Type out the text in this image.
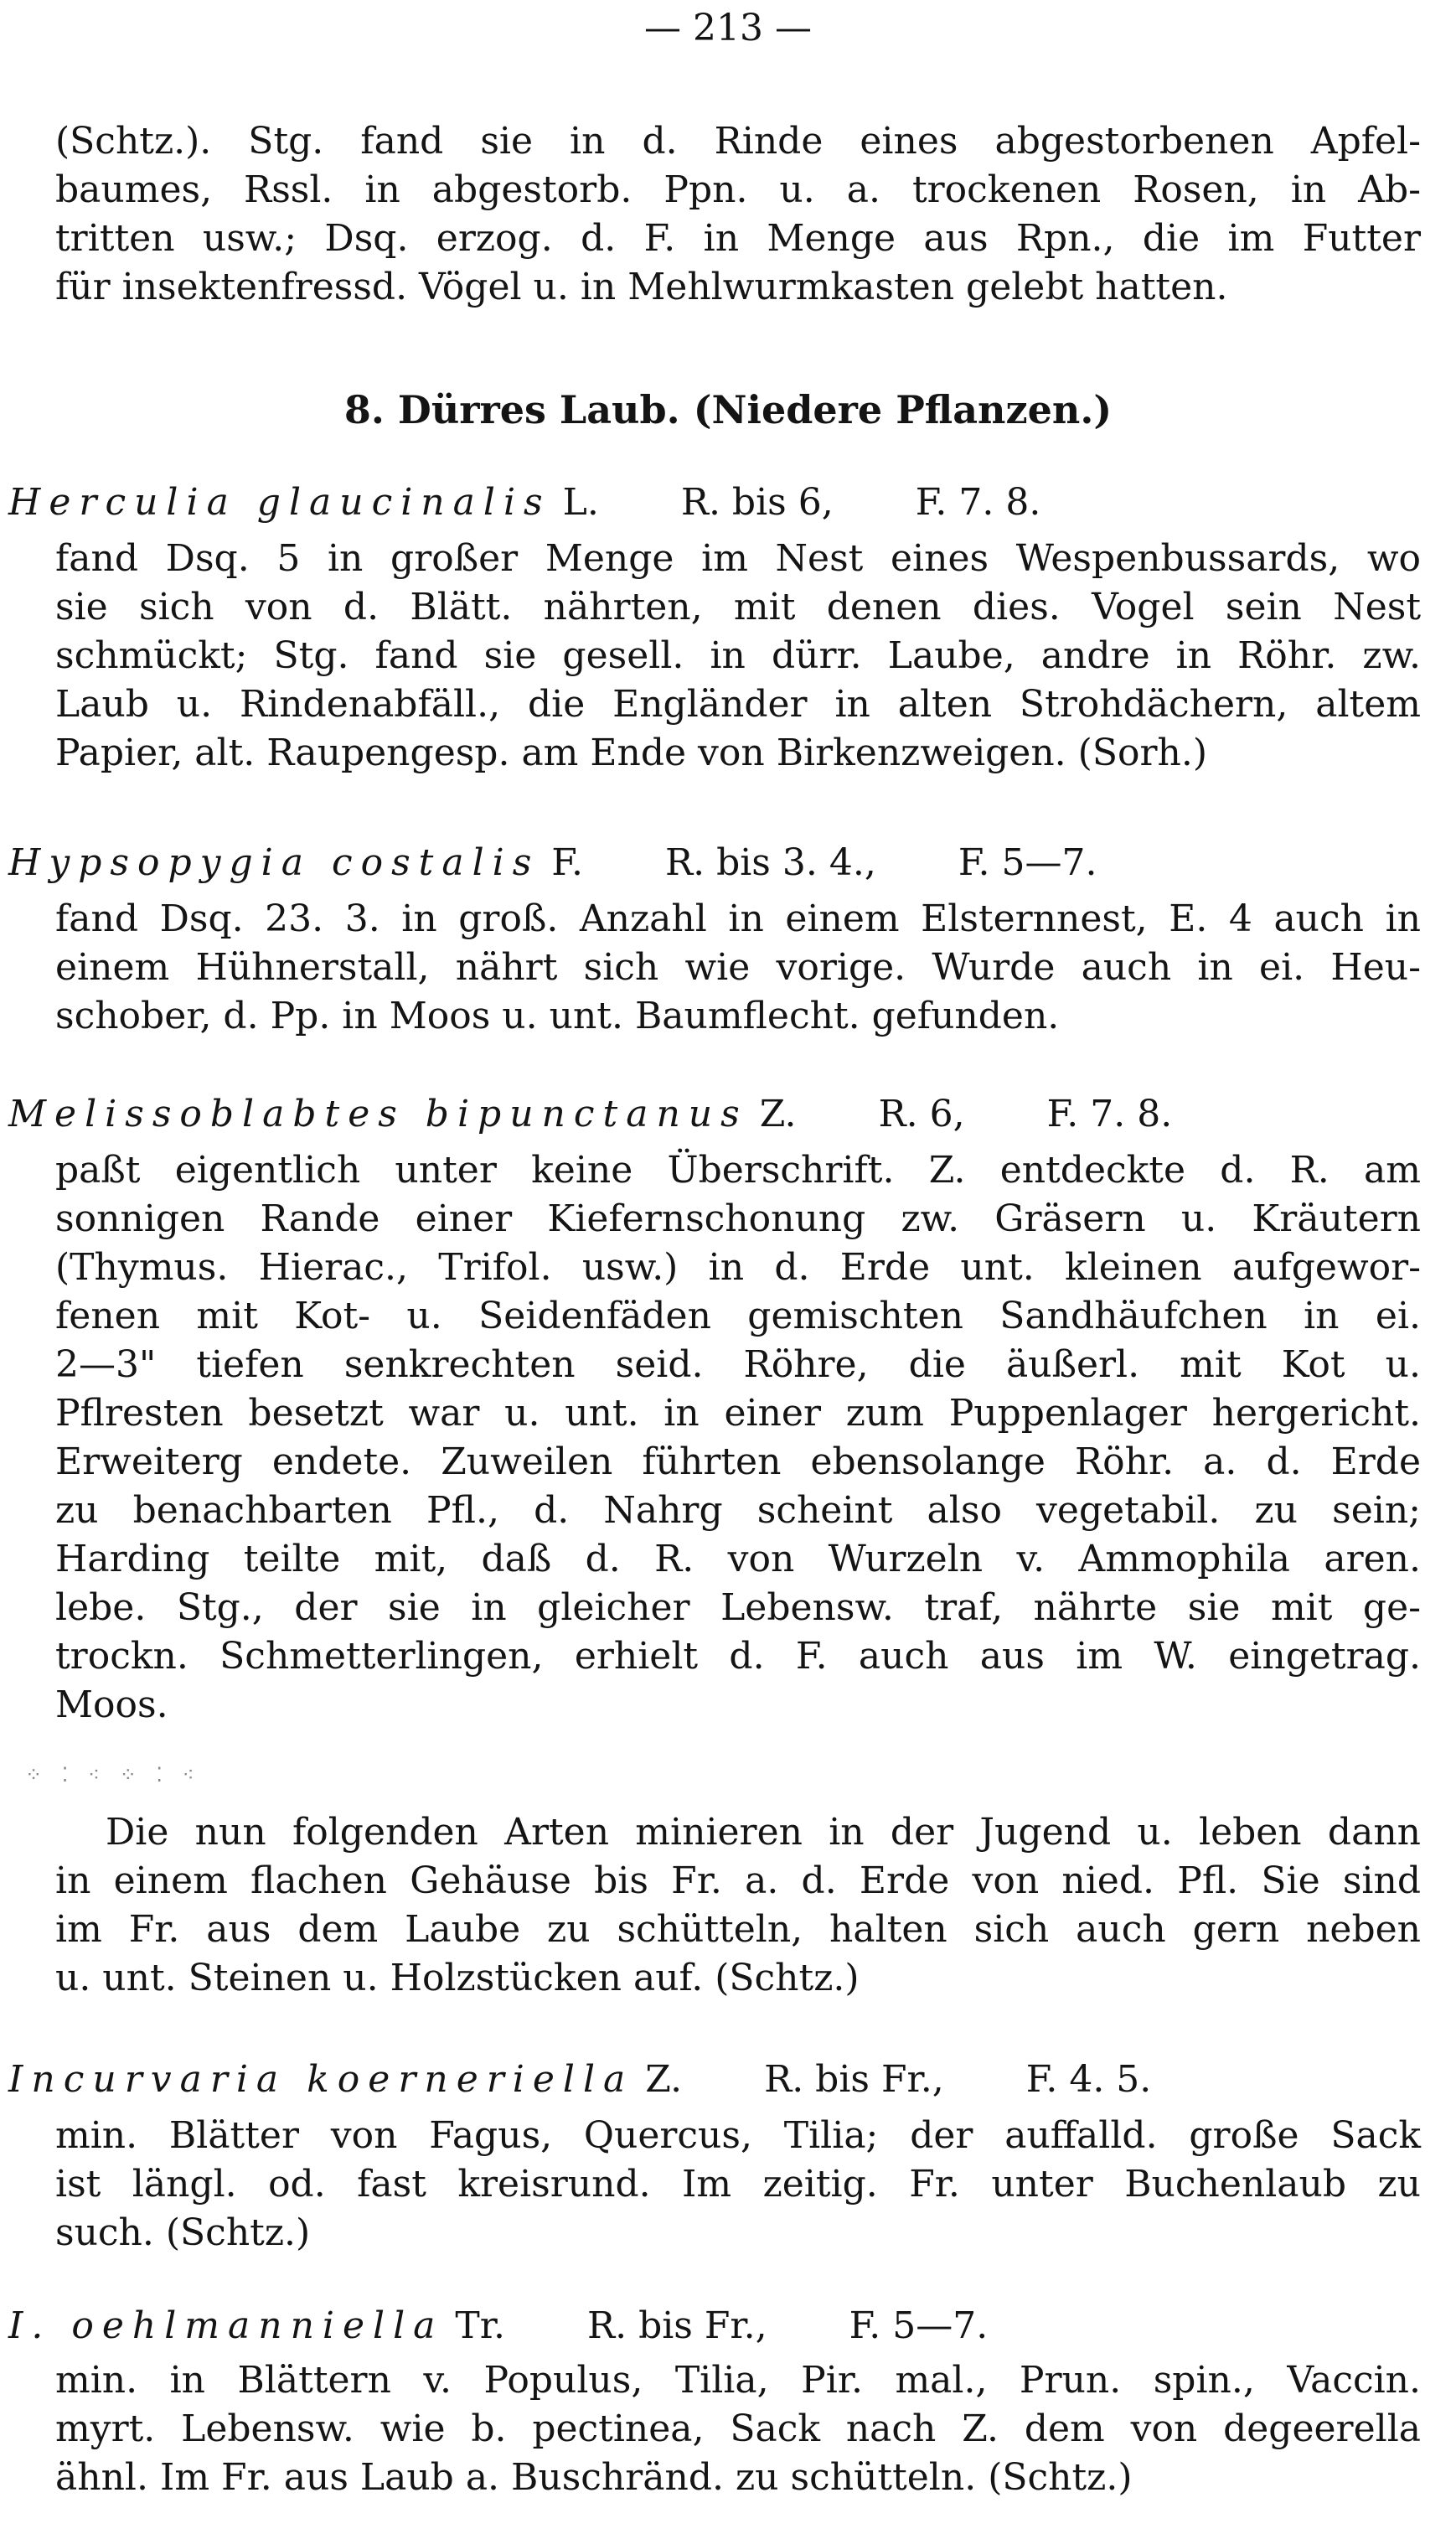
— 213 —
(Schtz.). Stg. fand sie in d. Rinde eines abgestorbenen Apfel-
baumes, Rssl. in abgestorb. Ppn. u. a. trockenen Rosen, in Ab-
tritten usw.; Dsq. erzog. d. F. in Menge aus Rpn., die im Futter
für insektenfressd. Vögel u. in Mehlwurmkasten gelebt hatten.
8. Dürres Laub. (Niedere Pflanzen.)
Herculia glaucinalis L. R. bis 6, F. 7. 8.
fand Dsq. 5 in großer Menge im Nest eines Wespenbussards, wo
sie sich von d. Blätt. nährten, mit denen dies. Vogel sein Nest
schmückt; Stg. fand sie gesell. in dürr. Laube, andre in Röhr. zw.
Laub u. Rindenabfäll., die Engländer in alten Strohdächern, altem
Papier, alt. Raupengesp. am Ende von Birkenzweigen. (Sorh.)
Hypsopygia costalis F. R. bis 3. 4., F. 5—7.
fand Dsq. 23. 3. in groß. Anzahl in einem Elsternnest, E. 4 auch in
einem Hühnerstall, nährt sich wie vorige. Wurde auch in ei. Heu-
schober, d. Pp. in Moos u. unt. Baumflecht. gefunden.
Melissoblabtes bipunctanus Z. R. 6, F. 7. 8.
paßt eigentlich unter keine Überschrift. Z. entdeckte d. R. am
sonnigen Rande einer Kiefernschonung zw. Gräsern u. Kräutern
(Thymus. Hierac., Trifol. usw.) in d. Erde unt. kleinen aufgewor-
fenen mit Kot- u. Seidenfäden gemischten Sandhäufchen in ei.
2—3" tiefen senkrechten seid. Röhre, die äußerl. mit Kot u.
Pflresten besetzt war u. unt. in einer zum Puppenlager hergericht.
Erweiterg endete. Zuweilen führten ebensolange Röhr. a. d. Erde
zu benachbarten Pfl., d. Nahrg scheint also vegetabil. zu sein;
Harding teilte mit, daß d. R. von Wurzeln v. Ammophila aren.
lebe. Stg., der sie in gleicher Lebensw. traf, nährte sie mit ge-
trockn. Schmetterlingen, erhielt d. F. auch aus im W. eingetrag.
Moos.
⁘ ⁚ ⁖ ⁘ ⁚ ⁖
Die nun folgenden Arten minieren in der Jugend u. leben dann
in einem flachen Gehäuse bis Fr. a. d. Erde von nied. Pfl. Sie sind
im Fr. aus dem Laube zu schütteln, halten sich auch gern neben
u. unt. Steinen u. Holzstücken auf. (Schtz.)
Incurvaria koerneriella Z. R. bis Fr., F. 4. 5.
min. Blätter von Fagus, Quercus, Tilia; der auffalld. große Sack
ist längl. od. fast kreisrund. Im zeitig. Fr. unter Buchenlaub zu
such. (Schtz.)
I. oehlmanniella Tr. R. bis Fr., F. 5—7.
min. in Blättern v. Populus, Tilia, Pir. mal., Prun. spin., Vaccin.
myrt. Lebensw. wie b. pectinea, Sack nach Z. dem von degeerella
ähnl. Im Fr. aus Laub a. Buschränd. zu schütteln. (Schtz.)
